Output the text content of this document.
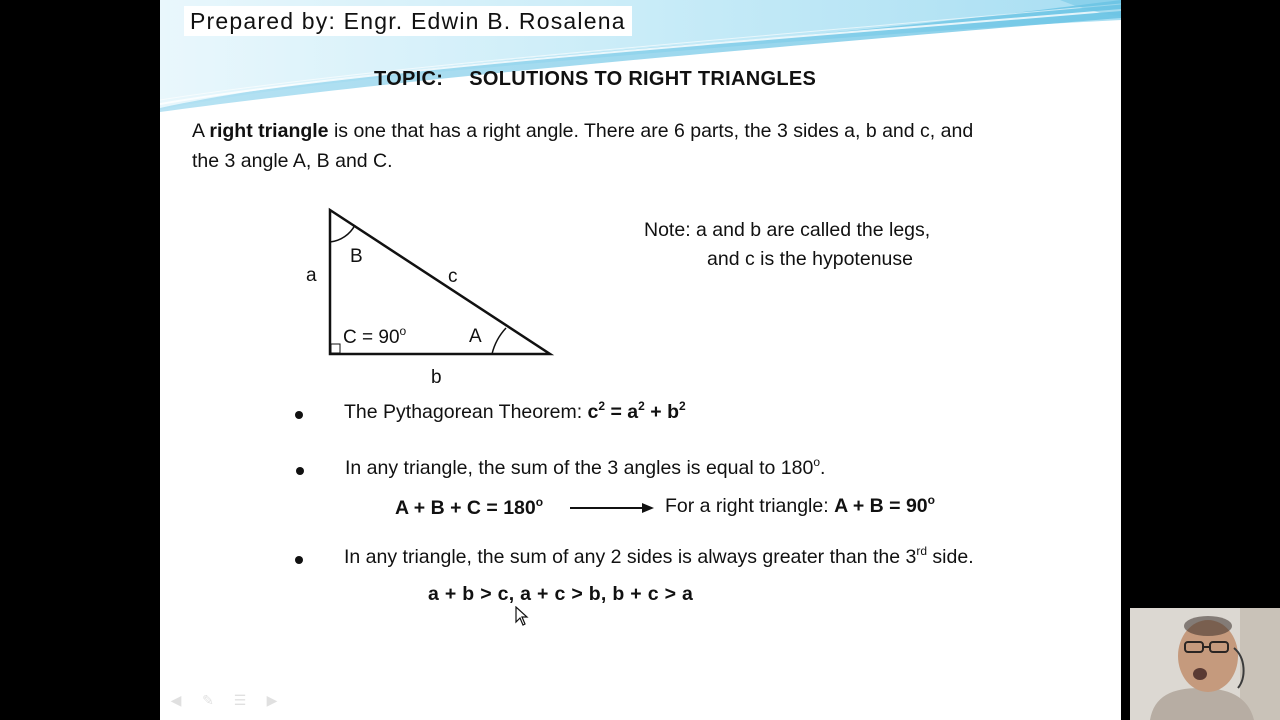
Prepared by: Engr. Edwin B. Rosalena
TOPIC: SOLUTIONS TO RIGHT TRIANGLES
A right triangle is one that has a right angle. There are 6 parts, the 3 sides a, b and c, and
the 3 angle A, B and C.
a
B
c
$C = 90^o$	A
b
Note: a and b are called the legs,
and c is the hypotenuse
The Pythagorean Theorem: $c^2 = a^2 + b^2$
In any triangle, the sum of the 3 angles is equal to 180$^o$.
$A + B + C = 180^o$	For a right triangle: $A + B = 90^o$
In any triangle, the sum of any 2 sides is always greater than the 3rd side.
a + b > c, a + c > b, b + c > a
◀	✎ ☰	▶
